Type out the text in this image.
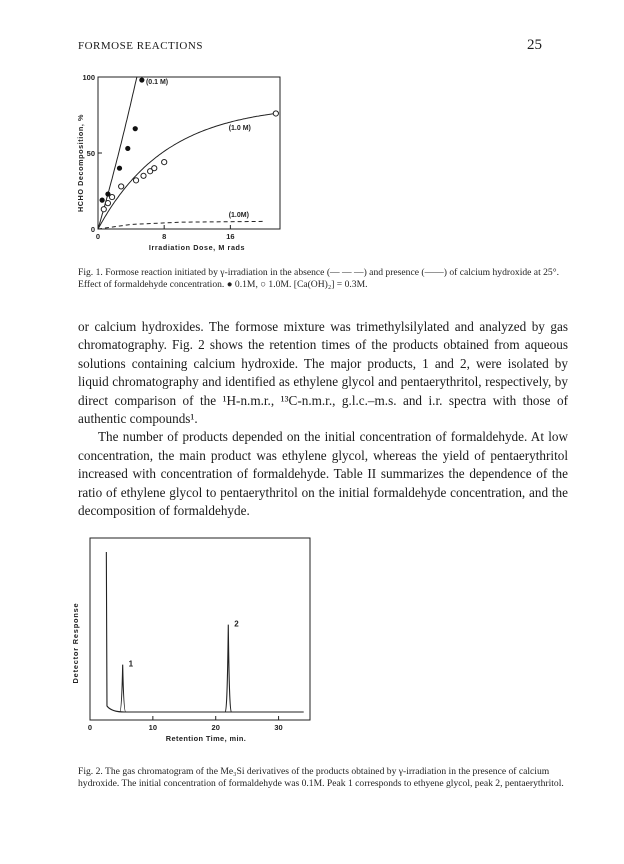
FORMOSE REACTIONS	25
0	8	16
0
50
100
Irradiation Dose, M rads
HCHO Decomposition, %
(0.1 M)
(1.0 M)
(1.0M)
Fig. 1. Formose reaction initiated by γ-irradiation in the absence (— — —) and presence (——) of calcium hydroxide at 25°. Effect of formaldehyde concentration. ● 0.1M, ○ 1.0M. [Ca(OH)₂] = 0.3M.

or calcium hydroxides. The formose mixture was trimethylsilylated and analyzed by gas chromatography. Fig. 2 shows the retention times of the products obtained from aqueous solutions containing calcium hydroxide. The major products, 1 and 2, were isolated by liquid chromatography and identified as ethylene glycol and pentaerythritol, respectively, by direct comparison of the ¹H-n.m.r., ¹³C-n.m.r., g.l.c.–m.s. and i.r. spectra with those of authentic compounds¹.

The number of products depended on the initial concentration of formaldehyde. At low concentration, the main product was ethylene glycol, whereas the yield of pentaerythritol increased with concentration of formaldehyde. Table II summarizes the dependence of the ratio of ethylene glycol to pentaerythritol on the initial formaldehyde concentration, and the decomposition of formaldehyde.

0	10	20	30
Retention Time, min.
Detector Response	1
2
Fig. 2. The gas chromatogram of the Me₃Si derivatives of the products obtained by γ-irradiation in the presence of calcium hydroxide. The initial concentration of formaldehyde was 0.1M. Peak 1 corresponds to ethyene glycol, peak 2, pentaerythritol.
